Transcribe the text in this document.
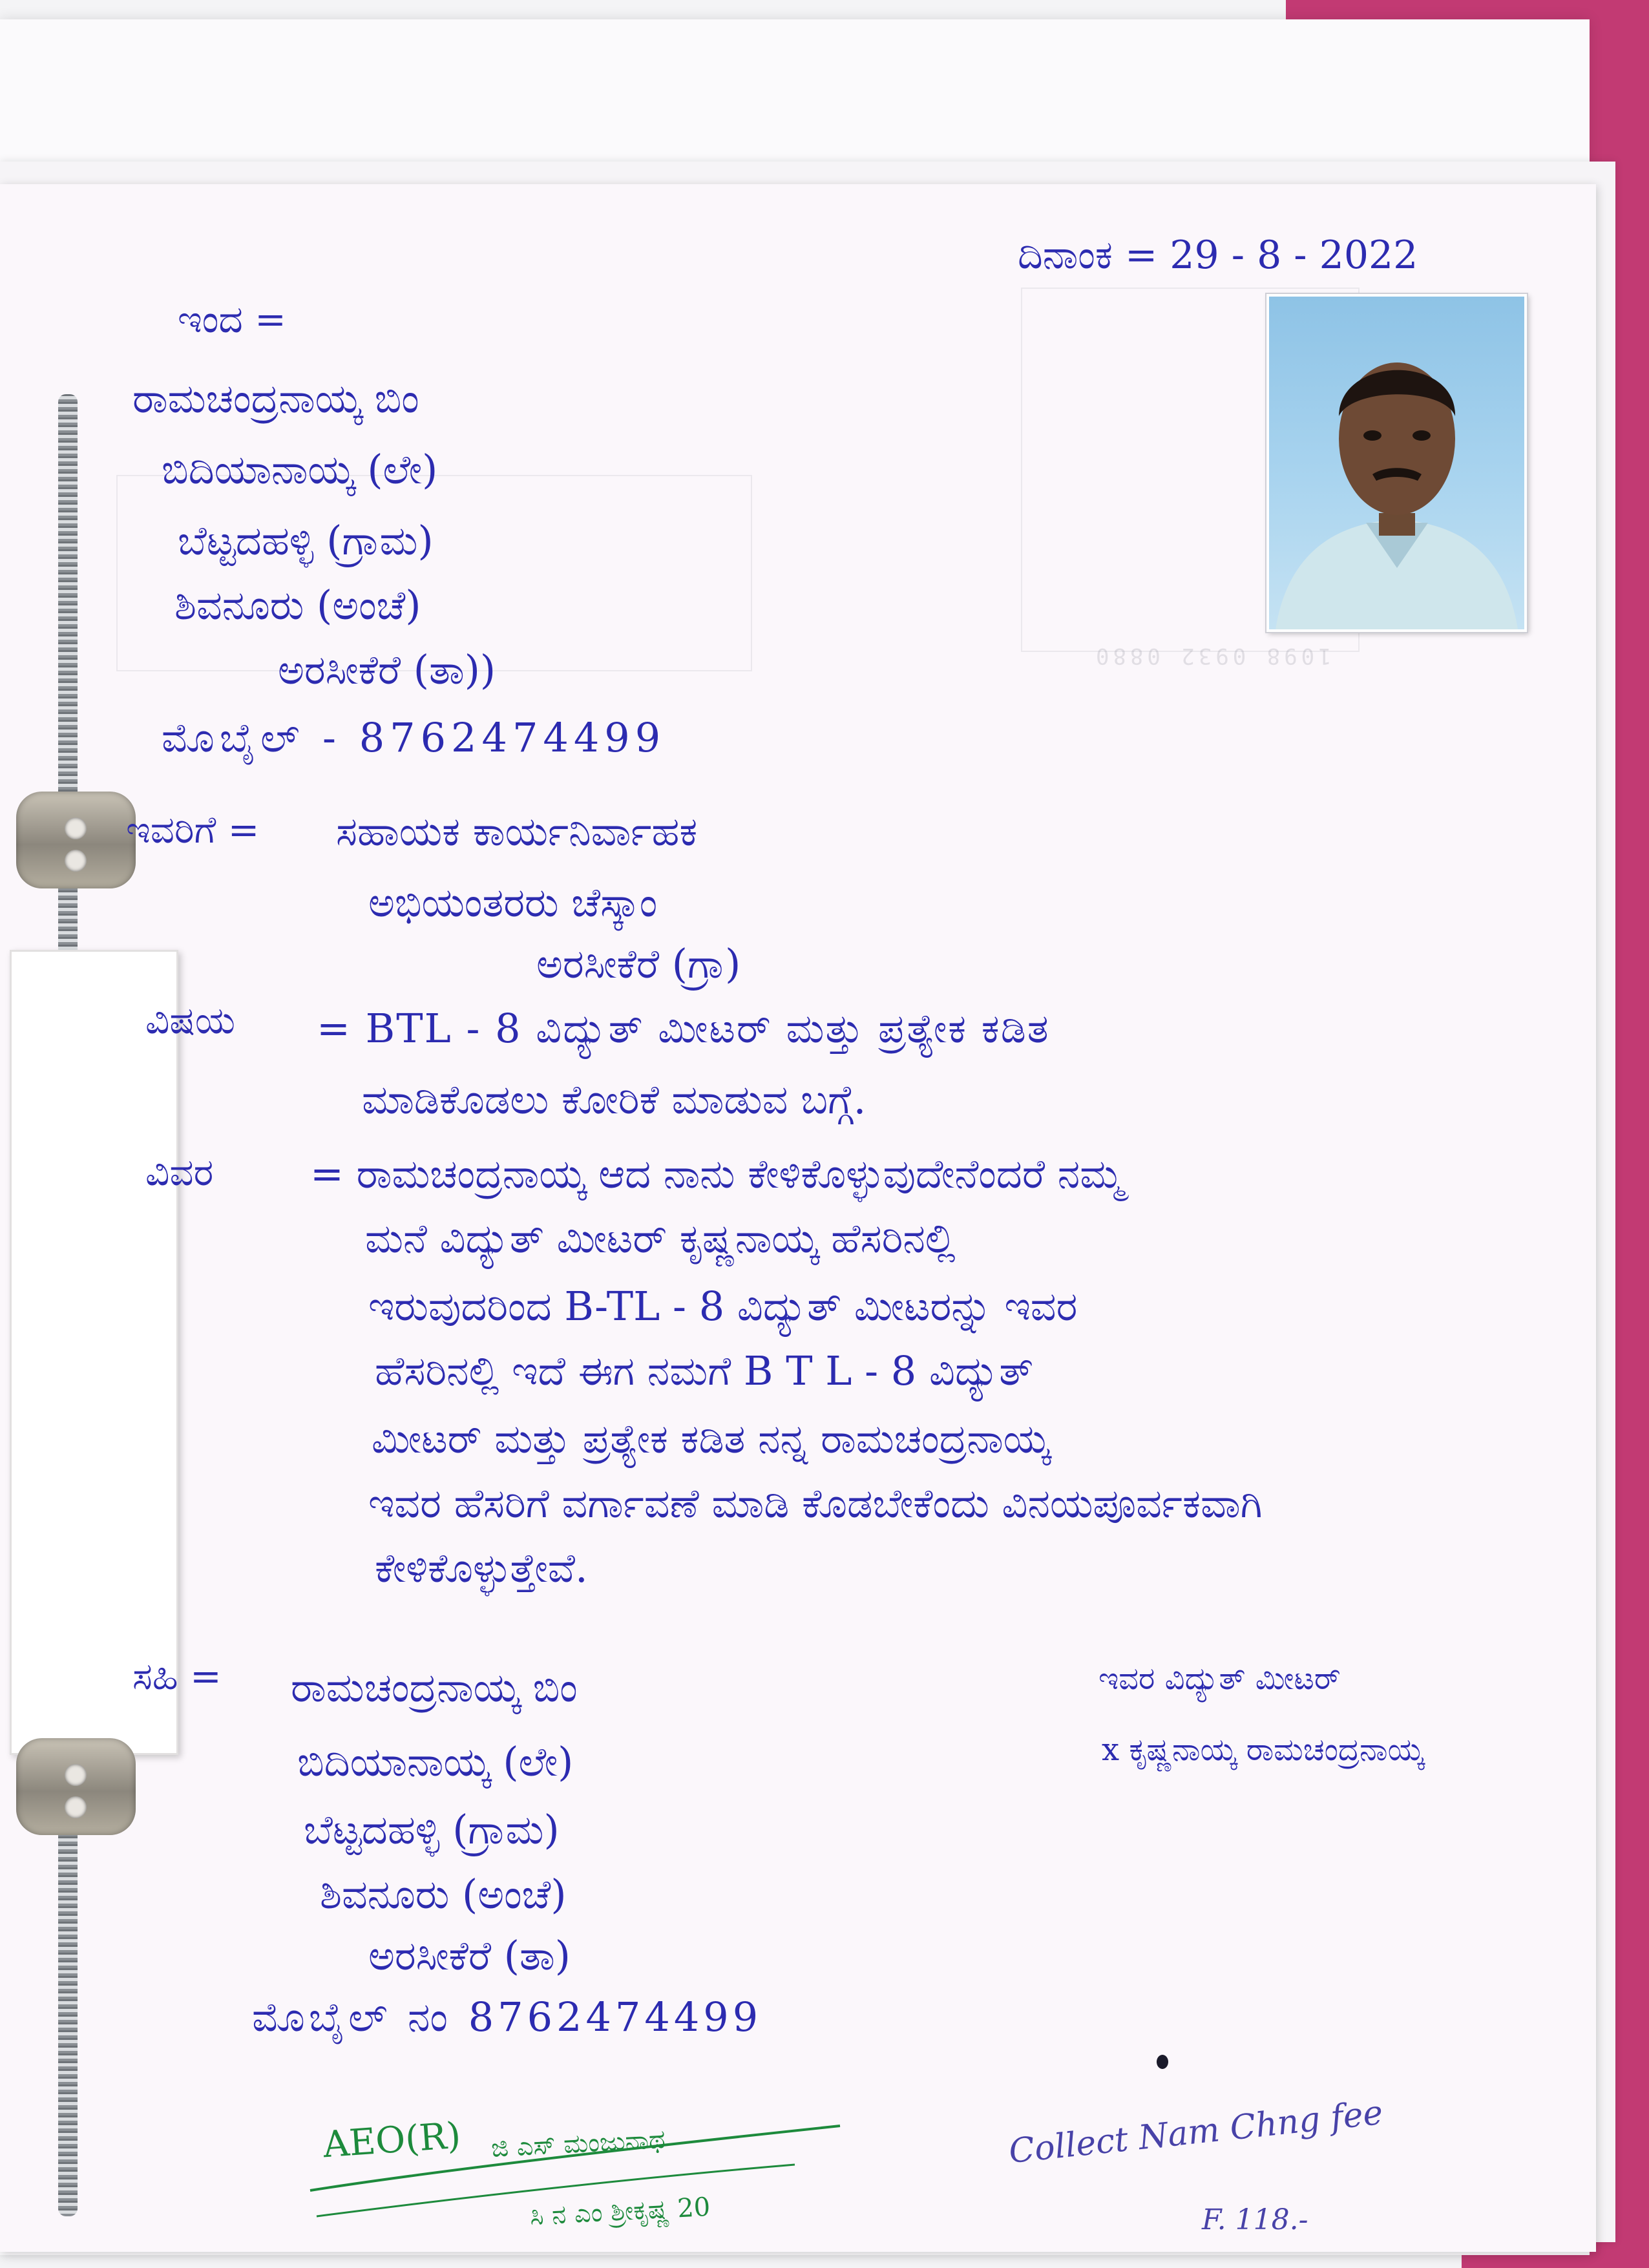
1098 0932 0880
ದಿನಾಂಕ = 29 - 8 - 2022
ಇಂದ =
ರಾಮಚಂದ್ರನಾಯ್ಕ ಬಿಂ
ಬಿದಿಯಾನಾಯ್ಕ (ಲೇ)
ಬೆಟ್ಟದಹಳ್ಳಿ (ಗ್ರಾಮ)
ಶಿವನೂರು (ಅಂಚೆ)
ಅರಸೀಕೆರೆ (ತಾ))
ಮೊಬೈಲ್ - 8762474499
ಇವರಿಗೆ = ಸಹಾಯಕ ಕಾರ್ಯನಿರ್ವಾಹಕ
ಅಭಿಯಂತರರು ಚೆಸ್ಕಾಂ
ಅರಸೀಕೆರೆ (ಗ್ರಾ)
ವಿಷಯ = BTL - 8 ವಿದ್ಯುತ್ ಮೀಟರ್ ಮತ್ತು ಪ್ರತ್ಯೇಕ ಕಡಿತ
ಮಾಡಿಕೊಡಲು ಕೋರಿಕೆ ಮಾಡುವ ಬಗ್ಗೆ.
ವಿವರ = ರಾಮಚಂದ್ರನಾಯ್ಕ ಆದ ನಾನು ಕೇಳಿಕೊಳ್ಳುವುದೇನೆಂದರೆ ನಮ್ಮ
ಮನೆ ವಿದ್ಯುತ್ ಮೀಟರ್ ಕೃಷ್ಣನಾಯ್ಕ ಹೆಸರಿನಲ್ಲಿ
ಇರುವುದರಿಂದ B-TL - 8 ವಿದ್ಯುತ್ ಮೀಟರನ್ನು ಇವರ
ಹೆಸರಿನಲ್ಲಿ ಇದೆ ಈಗ ನಮಗೆ B T L - 8 ವಿದ್ಯುತ್
ಮೀಟರ್ ಮತ್ತು ಪ್ರತ್ಯೇಕ ಕಡಿತ ನನ್ನ ರಾಮಚಂದ್ರನಾಯ್ಕ
ಇವರ ಹೆಸರಿಗೆ ವರ್ಗಾವಣೆ ಮಾಡಿ ಕೊಡಬೇಕೆಂದು ವಿನಯಪೂರ್ವಕವಾಗಿ
ಕೇಳಿಕೊಳ್ಳುತ್ತೇವೆ.
ಸಹಿ = ರಾಮಚಂದ್ರನಾಯ್ಕ ಬಿಂ
ಬಿದಿಯಾನಾಯ್ಕ (ಲೇ)
ಬೆಟ್ಟದಹಳ್ಳಿ (ಗ್ರಾಮ)
ಶಿವನೂರು (ಅಂಚೆ)
ಅರಸೀಕೆರೆ (ತಾ)
ಮೊಬೈಲ್ ನಂ 8762474499
ಇವರ ವಿದ್ಯುತ್ ಮೀಟರ್
x ಕೃಷ್ಣನಾಯ್ಕ ರಾಮಚಂದ್ರನಾಯ್ಕ
AEO(R) ಜಿ ಎಸ್ ಮಂಜುನಾಥ
ಸಿ ನ ಎಂ ಶ್ರೀಕೃಷ್ಣ 20
Collect Nam Chng fee
F. 118.-
